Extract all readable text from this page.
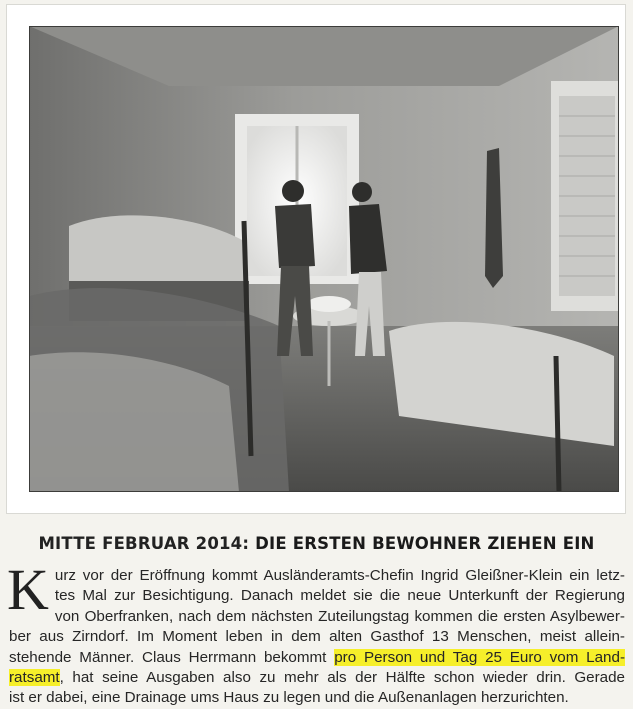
MITTE FEBRUAR 2014: DIE ERSTEN BEWOHNER ZIEHEN EIN
K urz vor der Eröffnung kommt Ausländeramts-Chefin Ingrid Gleißner-Klein ein letz-
tes Mal zur Besichtigung. Danach meldet sie die neue Unterkunft der Regierung
von Oberfranken, nach dem nächsten Zuteilungstag kommen die ersten Asylbewer-
ber aus Zirndorf. Im Moment leben in dem alten Gasthof 13 Menschen, meist allein-
stehende Männer. Claus Herrmann bekommt pro Person und Tag 25 Euro vom Land-
ratsamt, hat seine Ausgaben also zu mehr als der Hälfte schon wieder drin. Gerade
ist er dabei, eine Drainage ums Haus zu legen und die Außenanlagen herzurichten.
